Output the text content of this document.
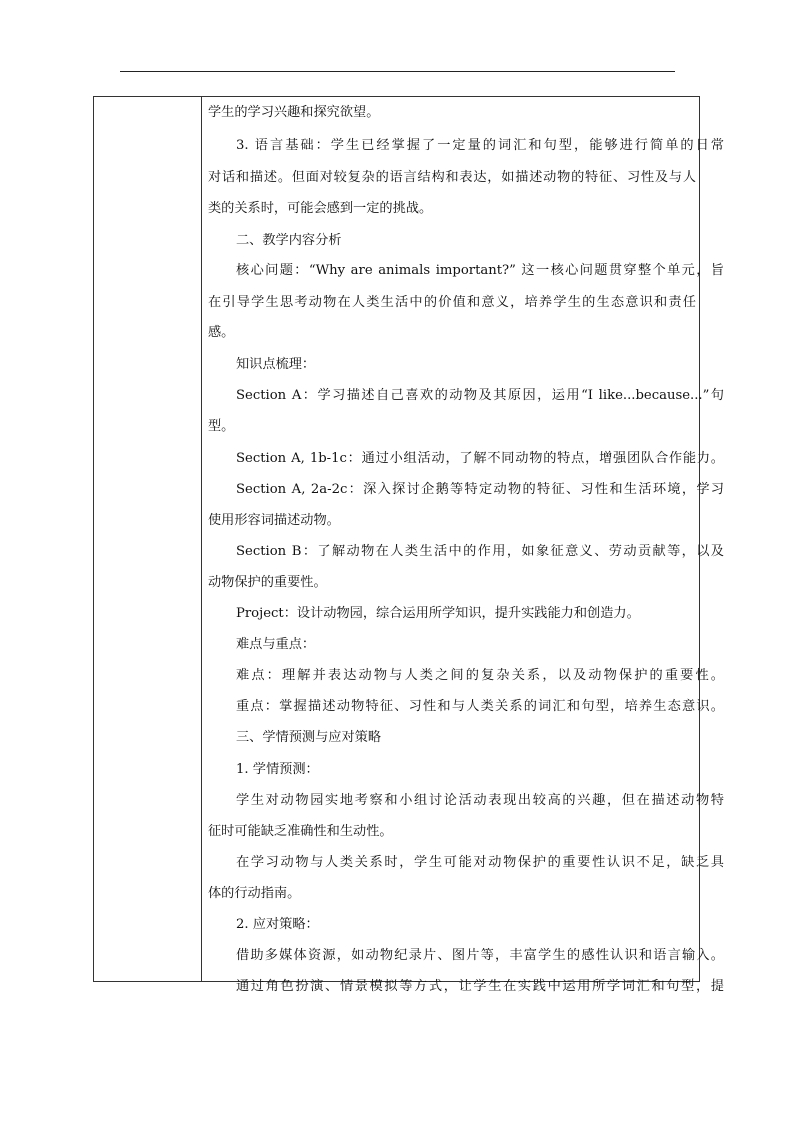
学生的学习兴趣和探究欲望。
3. 语言基础：学生已经掌握了一定量的词汇和句型，能够进行简单的日常
对话和描述。但面对较复杂的语言结构和表达，如描述动物的特征、习性及与人
类的关系时，可能会感到一定的挑战。
二、教学内容分析
核心问题：“Why are animals important?” 这一核心问题贯穿整个单元，旨
在引导学生思考动物在人类生活中的价值和意义，培养学生的生态意识和责任
感。
知识点梳理：
Section A：学习描述自己喜欢的动物及其原因，运用“I like...because...”句
型。
Section A, 1b-1c：通过小组活动，了解不同动物的特点，增强团队合作能力。
Section A, 2a-2c：深入探讨企鹅等特定动物的特征、习性和生活环境，学习
使用形容词描述动物。
Section B：了解动物在人类生活中的作用，如象征意义、劳动贡献等，以及
动物保护的重要性。
Project：设计动物园，综合运用所学知识，提升实践能力和创造力。
难点与重点：
难点：理解并表达动物与人类之间的复杂关系，以及动物保护的重要性。
重点：掌握描述动物特征、习性和与人类关系的词汇和句型，培养生态意识。
三、学情预测与应对策略
1. 学情预测：
学生对动物园实地考察和小组讨论活动表现出较高的兴趣，但在描述动物特
征时可能缺乏准确性和生动性。
在学习动物与人类关系时，学生可能对动物保护的重要性认识不足，缺乏具
体的行动指南。
2. 应对策略：
借助多媒体资源，如动物纪录片、图片等，丰富学生的感性认识和语言输入。
通过角色扮演、情景模拟等方式，让学生在实践中运用所学词汇和句型，提
